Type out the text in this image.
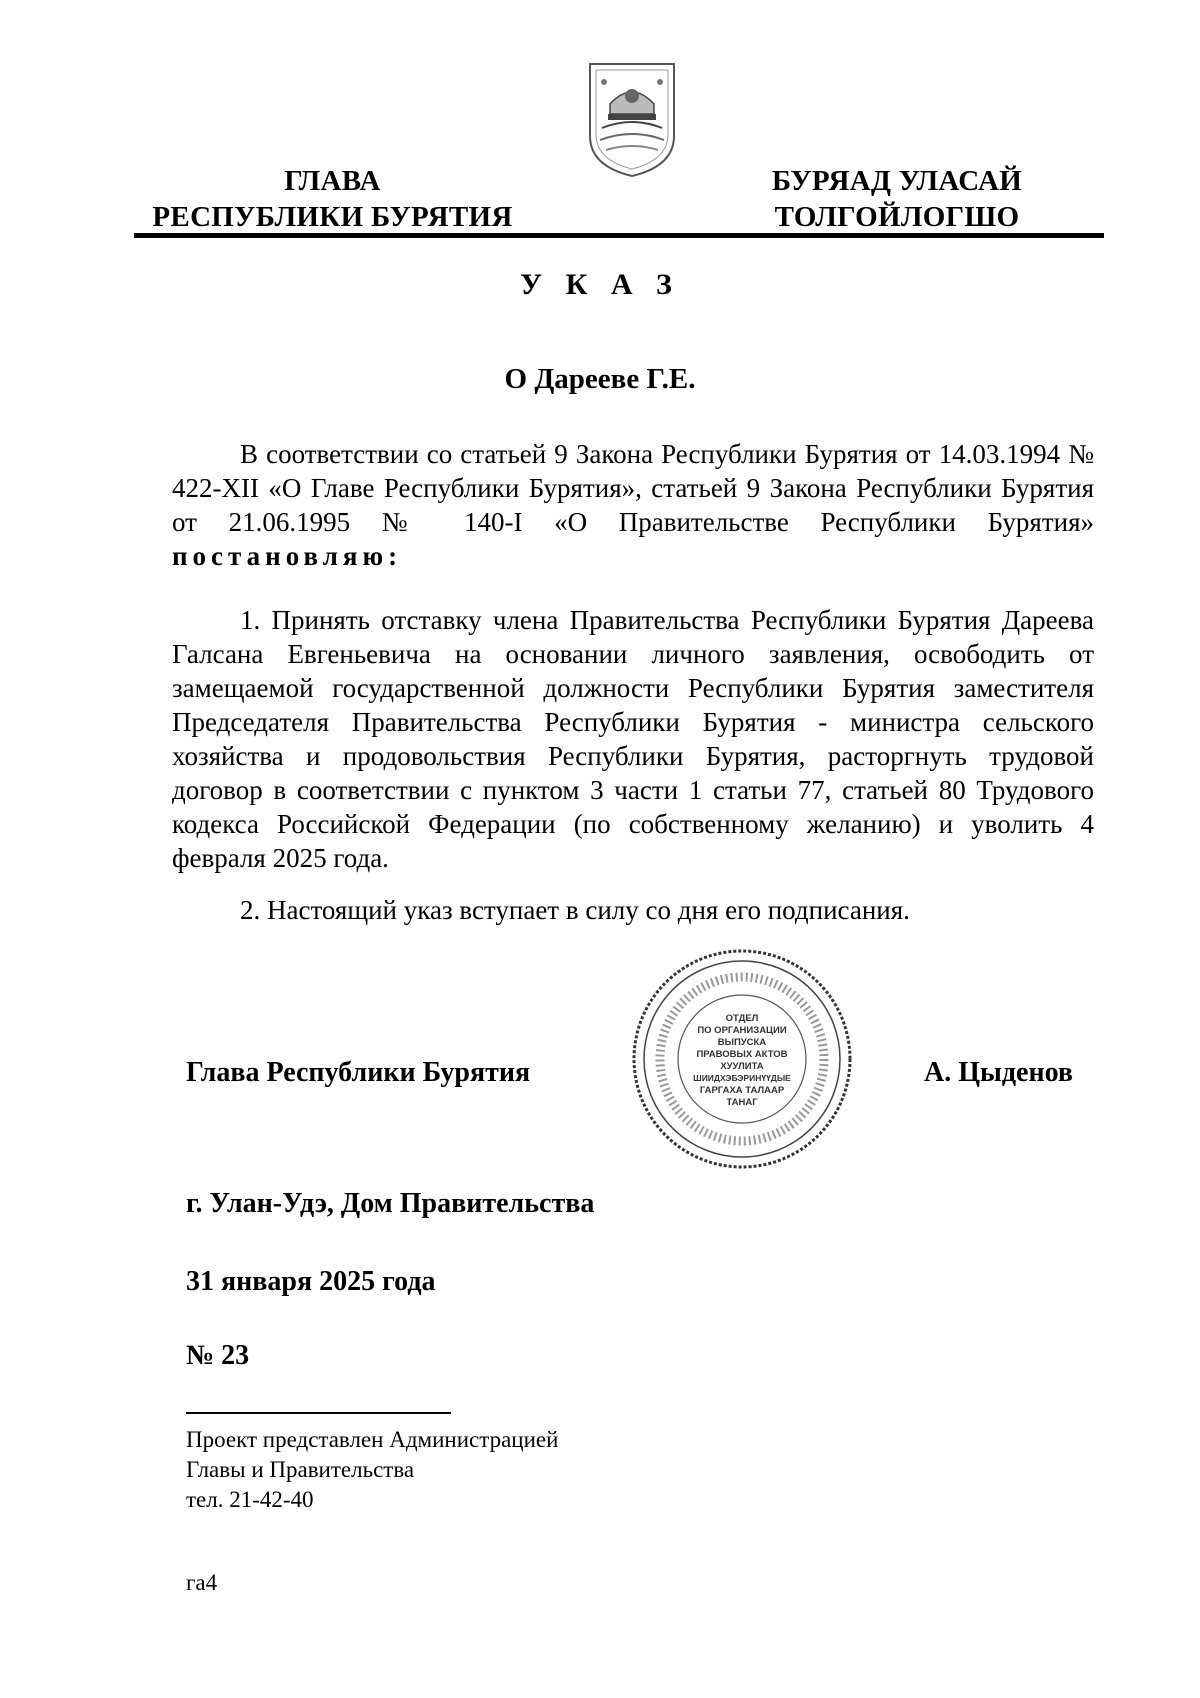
ГЛАВА
РЕСПУБЛИКИ БУРЯТИЯ
БУРЯАД УЛАСАЙ
ТОЛГОЙЛОГШО
У К А З
О Дарееве Г.Е.

В соответствии со статьей 9 Закона Республики Бурятия от 14.03.1994 № 422-XII «О Главе Республики Бурятия», статьей 9 Закона Республики Бурятия от 21.06.1995 № 140-I «О Правительстве Республики Бурятия» постановляю:

1. Принять отставку члена Правительства Республики Бурятия Дареева Галсана Евгеньевича на основании личного заявления, освободить от замещаемой государственной должности Республики Бурятия заместителя Председателя Правительства Республики Бурятия - министра сельского хозяйства и продовольствия Республики Бурятия, расторгнуть трудовой договор в соответствии с пунктом 3 части 1 статьи 77, статьей 80 Трудового кодекса Российской Федерации (по собственному желанию) и уволить 4 февраля 2025 года.

2. Настоящий указ вступает в силу со дня его подписания.

Глава Республики Бурятия
ОТДЕЛ
ПО ОРГАНИЗАЦИИ
ВЫПУСКА
ПРАВОВЫХ АКТОВ
ХУУЛИТА
ШИИДХЭБЭРИНҮҮДЫЕ
ГАРГАХА ТАЛААР
ТАНАГ
А. Цыденов
г. Улан-Удэ, Дом Правительства
31 января 2025 года
№ 23
Проект представлен Администрацией
Главы и Правительства
тел. 21-42-40
га4
